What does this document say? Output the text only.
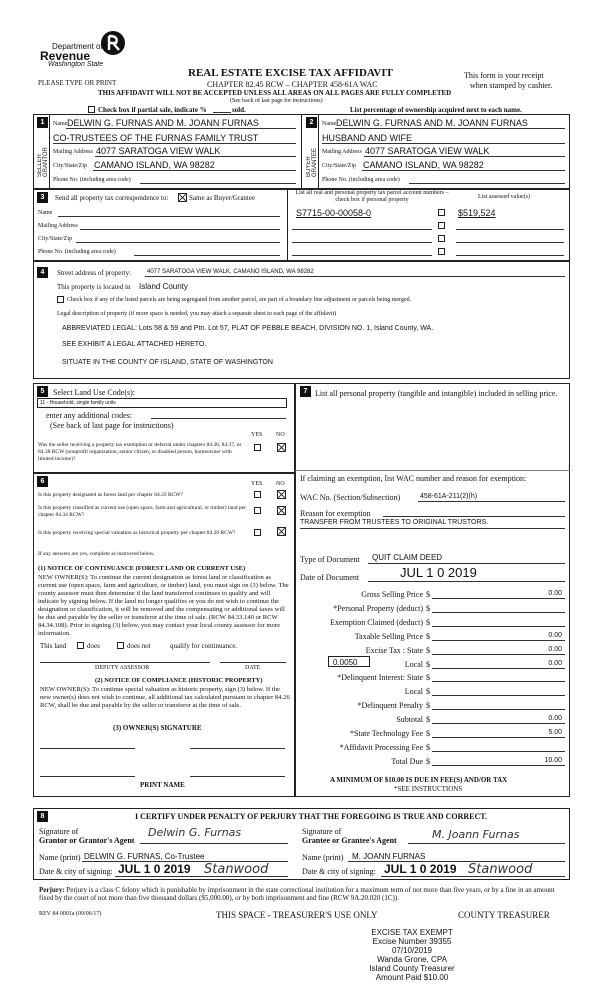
Department of
Revenue
Washington State
PLEASE TYPE OR PRINT
REAL ESTATE EXCISE TAX AFFIDAVIT
CHAPTER 82.45 RCW – CHAPTER 458-61A WAC
THIS AFFIDAVIT WILL NOT BE ACCEPTED UNLESS ALL AREAS ON ALL PAGES ARE FULLY COMPLETED
(See back of last page for instructions)
This form is your receipt
when stamped by cashier.
Check box if partial sale, indicate %	sold.	List percentage of ownership acquired next to each name.
1
SELLER GRANTOR
Name DELWIN G. FURNAS AND M. JOANN FURNAS
CO-TRUSTEES OF THE FURNAS FAMILY TRUST
Mailing Address 4077 SARATOGA VIEW WALK
City/State/Zip CAMANO ISLAND, WA 98282
Phone No. (including area code)
2
BUYER GRANTEE
Name DELWIN G. FURNAS AND M. JOANN FURNAS
HUSBAND AND WIFE
Mailing Address 4077 SARATOGA VIEW WALK
City/State/Zip CAMANO ISLAND, WA 98282
Phone No. (including area code)
3	Send all property tax correspondence to:	Same as Buyer/Grantee
Name
Mailing Address
City/State/Zip
Phone No. (including area code)
List all real and personal property tax parcel account numbers – check box if personal property	List assessed value(s)
S7715-00-00058-0	$519,524
4	Street address of property:	4077 SARATOGA VIEW WALK, CAMANO ISLAND, WA 98282
This property is located in Island County
Check box if any of the listed parcels are being segregated from another parcel, are part of a boundary line adjustment or parcels being merged.
Legal description of property (if more space is needed, you may attach a separate sheet to each page of the affidavit)
ABBREVIATED LEGAL: Lots 58 & 59 and Ptn. Lot 57, PLAT OF PEBBLE BEACH, DIVISION NO. 1, Island County, WA.
SEE EXHIBIT A LEGAL ATTACHED HERETO.
SITUATE IN THE COUNTY OF ISLAND, STATE OF WASHINGTON
5	Select Land Use Code(s):
11 - Household, single family units
enter any additional codes:
(See back of last page for instructions)
YES NO
Was the seller receiving a property tax exemption or deferral under chapters 84.36, 84.37, or 84.38 RCW (nonprofit organization, senior citizen, or disabled person, homeowner with limited income)?
6	YES NO
Is this property designated as forest land per chapter 84.33 RCW?
Is this property classified as current use (open space, farm and agricultural, or timber) land per chapter 84.34 RCW?
Is this property receiving special valuation as historical property per chapter 84.26 RCW?
If any answers are yes, complete as instructed below.
(1) NOTICE OF CONTINUANCE (FOREST LAND OR CURRENT USE)
NEW OWNER(S): To continue the current designation as forest land or classification as current use (open space, farm and agriculture, or timber) land, you must sign on (3) below. The county assessor must then determine if the land transferred continues to qualify and will indicate by signing below. If the land no longer qualifies or you do not wish to continue the designation or classification, it will be removed and the compensating or additional taxes will be due and payable by the seller or transferor at the time of sale. (RCW 84.33.140 or RCW 84.34.108). Prior to signing (3) below, you may contact your local county assessor for more information.
This land	does	does not	qualify for continuance.
DEPUTY ASSESSOR	DATE
(2) NOTICE OF COMPLIANCE (HISTORIC PROPERTY)
NEW OWNER(S): To continue special valuation as historic property, sign (3) below. If the new owner(s) does not wish to continue, all additional tax calculated pursuant to chapter 84.26 RCW, shall be due and payable by the seller or transferor at the time of sale.
(3) OWNER(S) SIGNATURE
PRINT NAME
7 List all personal property (tangible and intangible) included in selling price.
If claiming an exemption, list WAC number and reason for exemption:
WAC No. (Section/Subsection)	458-61A-211(2)(h)
Reason for exemption
TRANSFER FROM TRUSTEES TO ORIGINAL TRUSTORS.
Type of Document QUIT CLAIM DEED
Date of Document	JUL 1 0 2019
Gross Selling Price $	0.00
*Personal Property (deduct) $
Exemption Claimed (deduct) $
Taxable Selling Price $	0.00
Excise Tax : State $	0.00
Local $	0.00
*Delinquent Interest: State $
Local $
*Delinquent Penalty $
Subtotal $	0.00
*State Technology Fee $	5.00
*Affidavit Processing Fee $
Total Due $	10.00
0.0050
A MINIMUM OF $10.00 IS DUE IN FEE(S) AND/OR TAX
*SEE INSTRUCTIONS
8	I CERTIFY UNDER PENALTY OF PERJURY THAT THE FOREGOING IS TRUE AND CORRECT.
Signature of
Grantor or Grantor's Agent
Delwin G. Furnas
Name (print) DELWIN G. FURNAS, Co-Trustee
Date & city of signing: JUL 1 0 2019 Stanwood
Signature of
Grantee or Grantee's Agent	M. Joann Furnas
Name (print) M. JOANN FURNAS
Date & city of signing: JUL 1 0 2019 Stanwood
Perjury: Perjury is a class C felony which is punishable by imprisonment in the state correctional institution for a maximum term of not more than five years, or by a fine in an amount fixed by the court of not more than five thousand dollars ($5,000.00), or by both imprisonment and fine (RCW 9A.20.020 (1C)).
REV 84 0001a (09/06/17)	THIS SPACE - TREASURER'S USE ONLY	COUNTY TREASURER
EXCISE TAX EXEMPT
Excise Number 39355
07/10/2019
Wanda Grone, CPA
Island County Treasurer
Amount Paid $10.00
